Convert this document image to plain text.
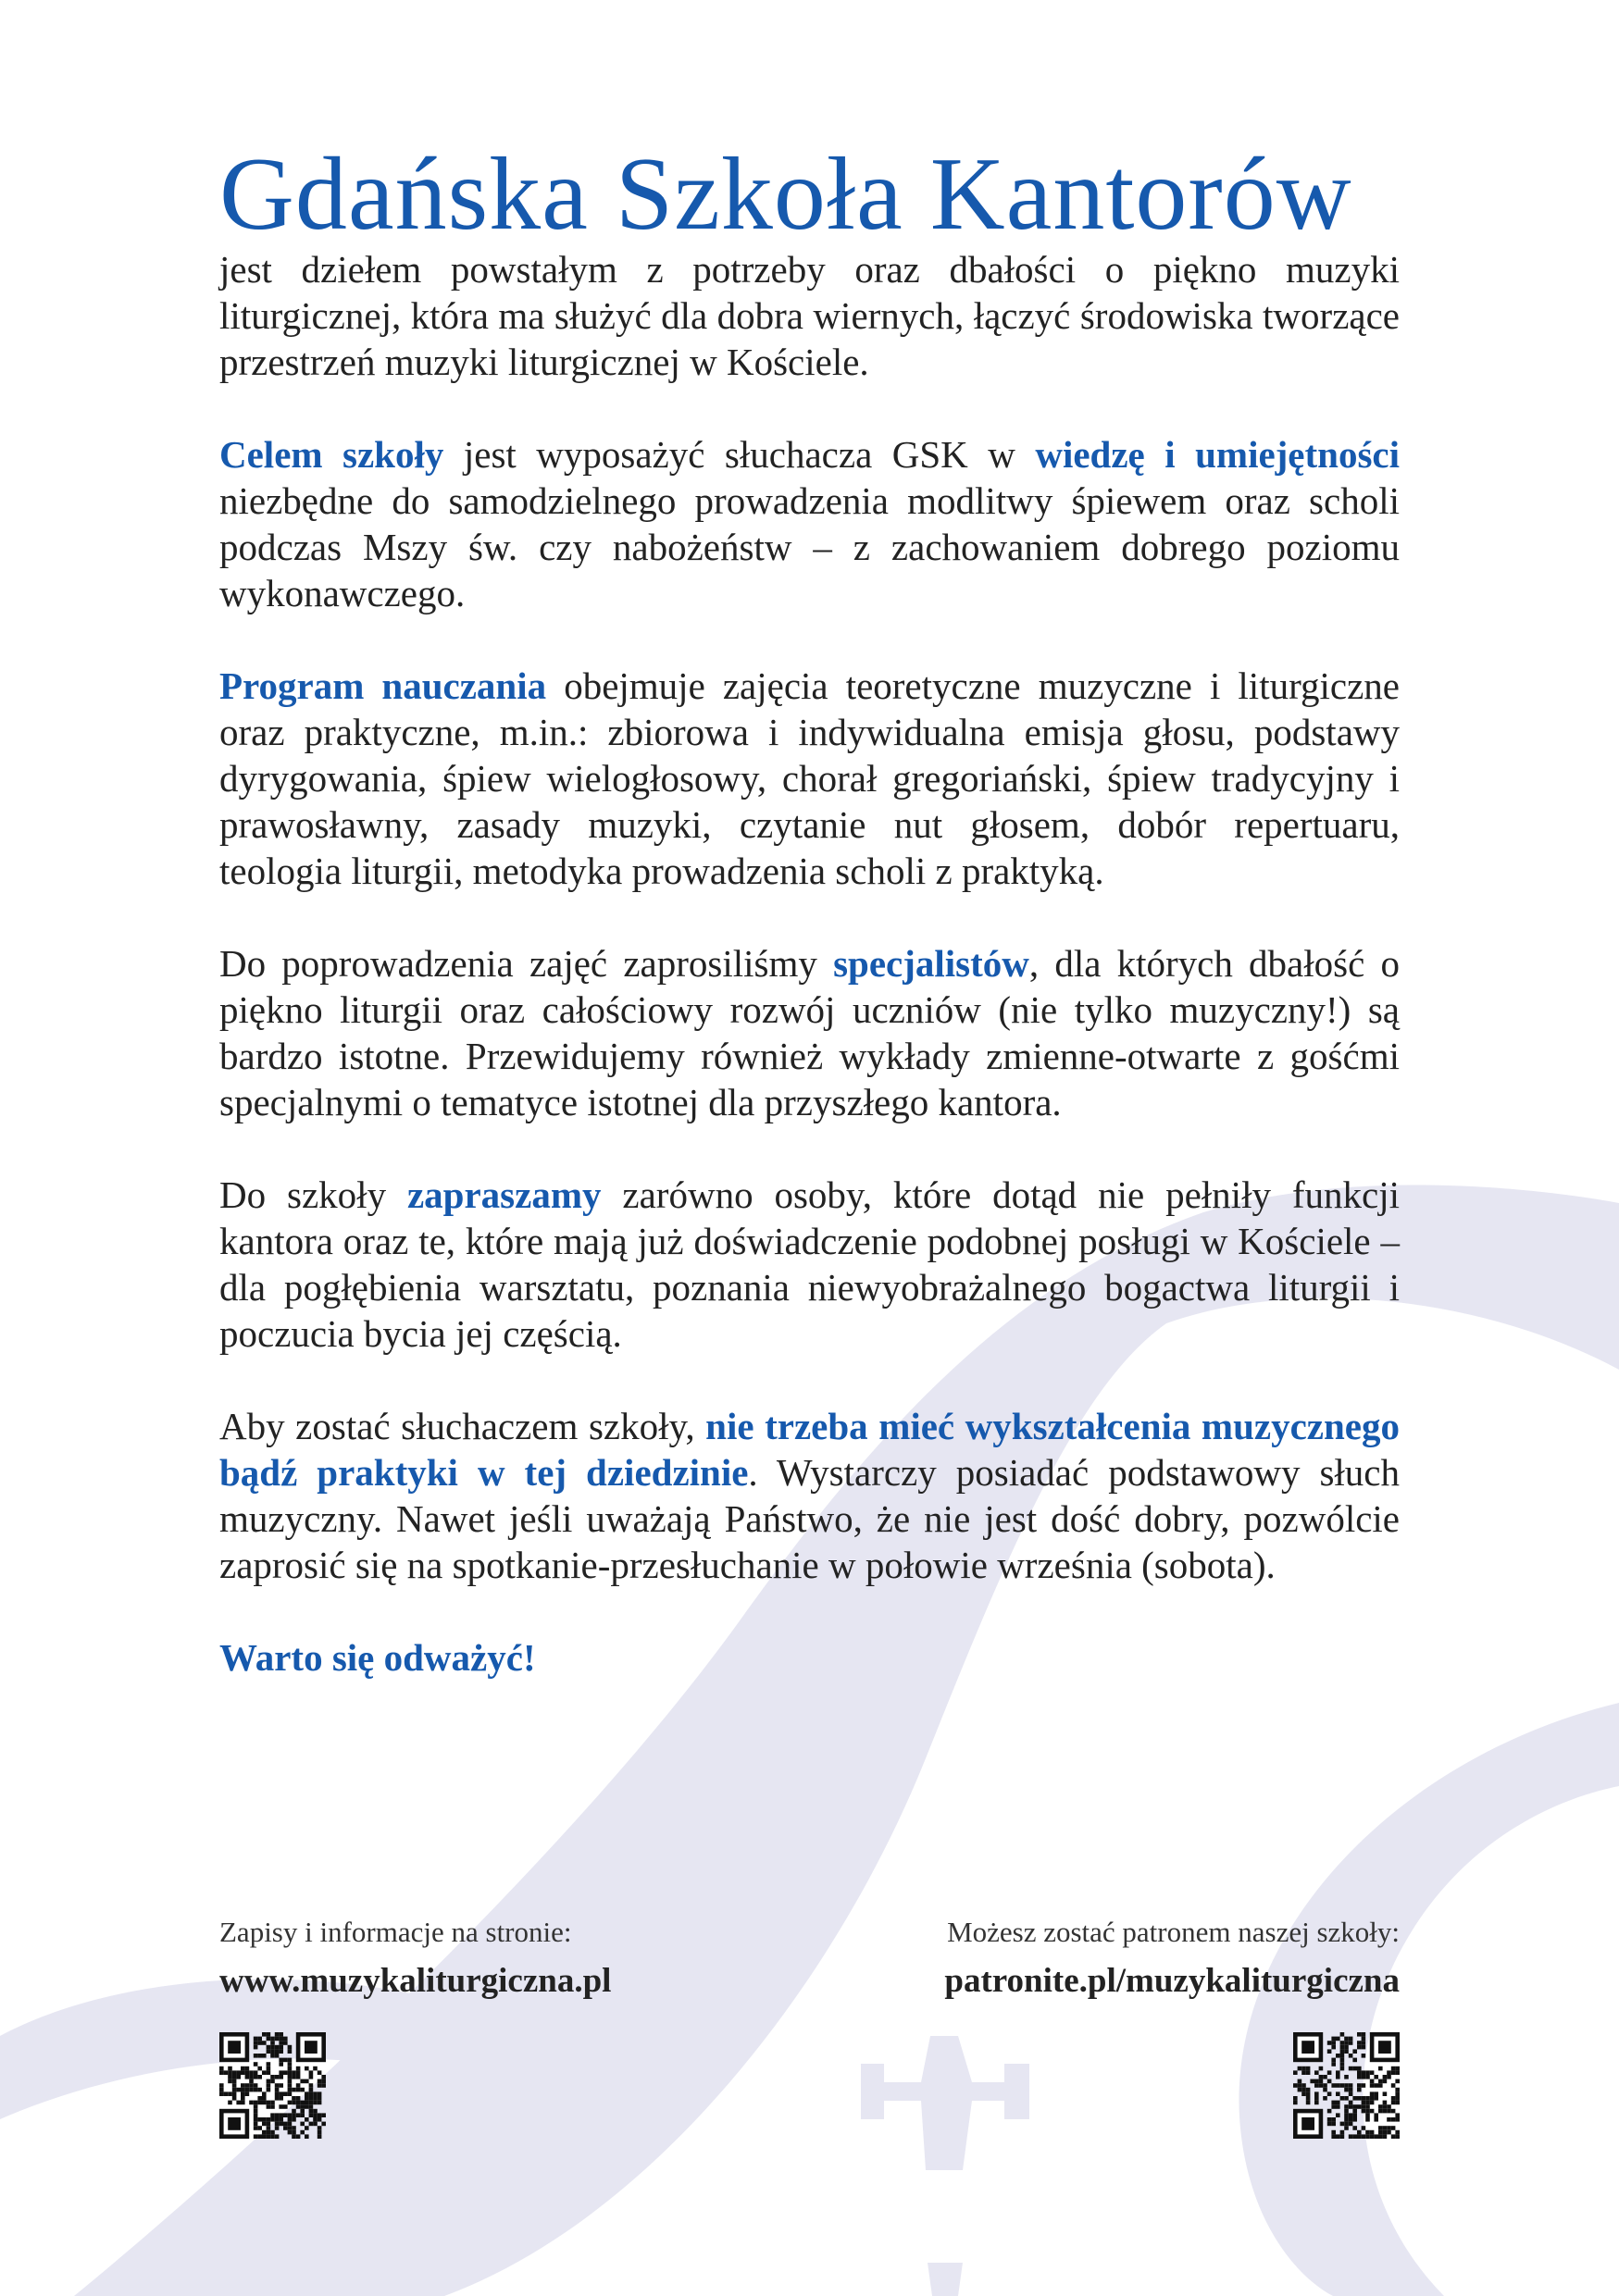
Gdańska Szkoła Kantorów

jest dziełem powstałym z potrzeby oraz dbałości o piękno muzyki liturgicznej, która ma służyć dla dobra wiernych, łączyć środowiska tworzące przestrzeń muzyki liturgicznej w Kościele.

Celem szkoły jest wyposażyć słuchacza GSK w wiedzę i umiejętności niezbędne do samodzielnego prowadzenia modlitwy śpiewem oraz scholi podczas Mszy św. czy nabożeństw – z zachowaniem dobrego poziomu wykonawczego.

Program nauczania obejmuje zajęcia teoretyczne muzyczne i liturgiczne oraz praktyczne, m.in.: zbiorowa i indywidualna emisja głosu, podstawy dyrygowania, śpiew wielogłosowy, chorał gregoriański, śpiew tradycyjny i prawosławny, zasady muzyki, czytanie nut głosem, dobór repertuaru, teologia liturgii, metodyka prowadzenia scholi z praktyką.

Do poprowadzenia zajęć zaprosiliśmy specjalistów, dla których dbałość o piękno liturgii oraz całościowy rozwój uczniów (nie tylko muzyczny!) są bardzo istotne. Przewidujemy również wykłady zmienne-otwarte z gośćmi specjalnymi o tematyce istotnej dla przyszłego kantora.

Do szkoły zapraszamy zarówno osoby, które dotąd nie pełniły funkcji kantora oraz te, które mają już doświadczenie podobnej posługi w Kościele – dla pogłębienia warsztatu, poznania niewyobrażalnego bogactwa liturgii i poczucia bycia jej częścią.

Aby zostać słuchaczem szkoły, nie trzeba mieć wykształcenia muzycznego bądź praktyki w tej dziedzinie. Wystarczy posiadać podstawowy słuch muzyczny. Nawet jeśli uważają Państwo, że nie jest dość dobry, pozwólcie zaprosić się na spotkanie-przesłuchanie w połowie września (sobota).

Warto się odważyć!

Zapisy i informacje na stronie:
www.muzykaliturgiczna.pl
Możesz zostać patronem naszej szkoły:
patronite.pl/muzykaliturgiczna
